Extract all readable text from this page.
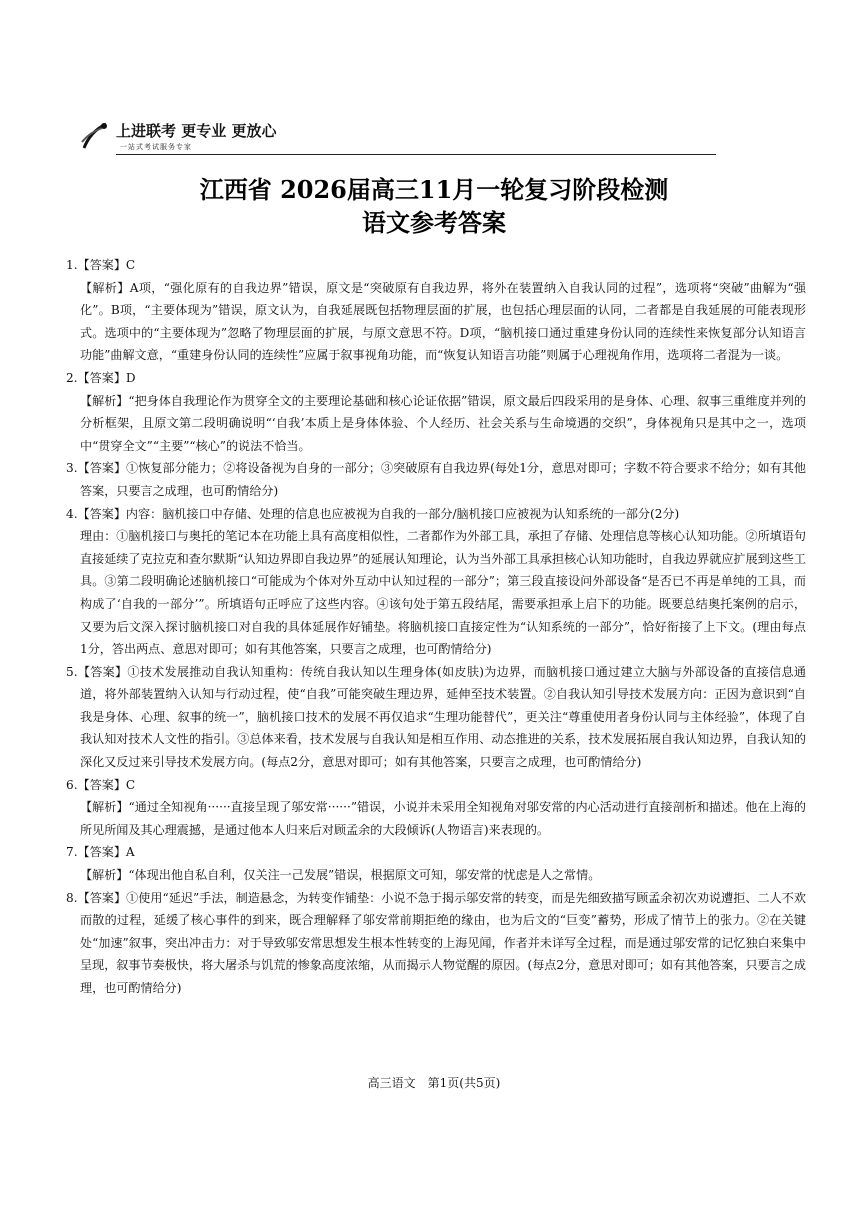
上进联考 更专业 更放心
一站式考试服务专家
江西省 2026届高三11月一轮复习阶段检测
语文参考答案

1.【答案】C

【解析】A项，“强化原有的自我边界”错误，原文是“突破原有自我边界，将外在装置纳入自我认同的过程”，选项将“突破”曲解为“强化”。B项，“主要体现为”错误，原文认为，自我延展既包括物理层面的扩展，也包括心理层面的认同，二者都是自我延展的可能表现形式。选项中的“主要体现为”忽略了物理层面的扩展，与原文意思不符。D项，“脑机接口通过重建身份认同的连续性来恢复部分认知语言功能”曲解文意，“重建身份认同的连续性”应属于叙事视角功能，而“恢复认知语言功能”则属于心理视角作用，选项将二者混为一谈。

2.【答案】D

【解析】“把身体自我理论作为贯穿全文的主要理论基础和核心论证依据”错误，原文最后四段采用的是身体、心理、叙事三重维度并列的分析框架，且原文第二段明确说明“‘自我’本质上是身体体验、个人经历、社会关系与生命境遇的交织”，身体视角只是其中之一，选项中“贯穿全文”“主要”“核心”的说法不恰当。

3.【答案】①恢复部分能力；②将设备视为自身的一部分；③突破原有自我边界(每处1分，意思对即可；字数不符合要求不给分；如有其他答案，只要言之成理，也可酌情给分)

4.【答案】内容：脑机接口中存储、处理的信息也应被视为自我的一部分/脑机接口应被视为认知系统的一部分(2分)

理由：①脑机接口与奥托的笔记本在功能上具有高度相似性，二者都作为外部工具，承担了存储、处理信息等核心认知功能。②所填语句直接延续了克拉克和查尔默斯“认知边界即自我边界”的延展认知理论，认为当外部工具承担核心认知功能时，自我边界就应扩展到这些工具。③第二段明确论述脑机接口“可能成为个体对外互动中认知过程的一部分”；第三段直接设问外部设备“是否已不再是单纯的工具，而构成了‘自我的一部分’”。所填语句正呼应了这些内容。④该句处于第五段结尾，需要承担承上启下的功能。既要总结奥托案例的启示，又要为后文深入探讨脑机接口对自我的具体延展作好铺垫。将脑机接口直接定性为“认知系统的一部分”，恰好衔接了上下文。(理由每点1分，答出两点、意思对即可；如有其他答案，只要言之成理，也可酌情给分)

5.【答案】①技术发展推动自我认知重构：传统自我认知以生理身体(如皮肤)为边界，而脑机接口通过建立大脑与外部设备的直接信息通道，将外部装置纳入认知与行动过程，使“自我”可能突破生理边界，延伸至技术装置。②自我认知引导技术发展方向：正因为意识到“自我是身体、心理、叙事的统一”，脑机接口技术的发展不再仅追求“生理功能替代”，更关注“尊重使用者身份认同与主体经验”，体现了自我认知对技术人文性的指引。③总体来看，技术发展与自我认知是相互作用、动态推进的关系，技术发展拓展自我认知边界，自我认知的深化又反过来引导技术发展方向。(每点2分，意思对即可；如有其他答案，只要言之成理，也可酌情给分)

6.【答案】C

【解析】“通过全知视角······直接呈现了邬安常······”错误，小说并未采用全知视角对邬安常的内心活动进行直接剖析和描述。他在上海的所见所闻及其心理震撼，是通过他本人归来后对顾孟余的大段倾诉(人物语言)来表现的。

7.【答案】A

【解析】“体现出他自私自利，仅关注一己发展”错误，根据原文可知，邬安常的忧虑是人之常情。

8.【答案】①使用“延迟”手法，制造悬念，为转变作铺垫：小说不急于揭示邬安常的转变，而是先细致描写顾孟余初次劝说遭拒、二人不欢而散的过程，延缓了核心事件的到来，既合理解释了邬安常前期拒绝的缘由，也为后文的“巨变”蓄势，形成了情节上的张力。②在关键处“加速”叙事，突出冲击力：对于导致邬安常思想发生根本性转变的上海见闻，作者并未详写全过程，而是通过邬安常的记忆独白来集中呈现，叙事节奏极快，将大屠杀与饥荒的惨象高度浓缩，从而揭示人物觉醒的原因。(每点2分，意思对即可；如有其他答案，只要言之成理，也可酌情给分)

高三语文　第1页(共5页)
